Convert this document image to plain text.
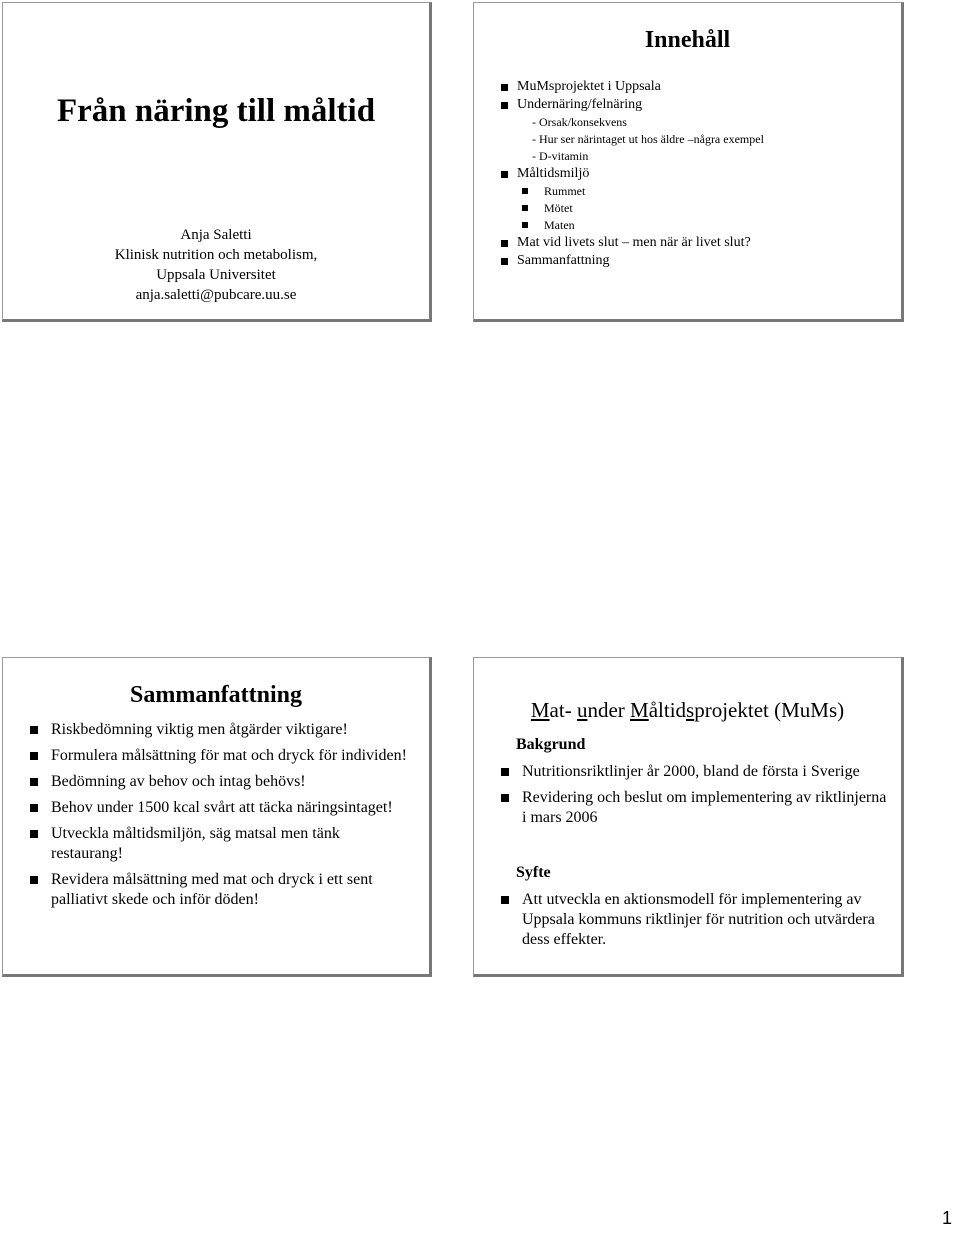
Från näring till måltid
Anja Saletti
Klinisk nutrition och metabolism,
Uppsala Universitet
anja.saletti@pubcare.uu.se
Innehåll
MuMsprojektet i Uppsala
Undernäring/felnäring
- Orsak/konsekvens
- Hur ser närintaget ut hos äldre –några exempel
- D-vitamin
Måltidsmiljö
Rummet
Mötet
Maten
Mat vid livets slut – men när är livet slut?
Sammanfattning
Sammanfattning
Riskbedömning viktig men åtgärder viktigare!
Formulera målsättning för mat och dryck för individen!
Bedömning av behov och intag behövs!
Behov under 1500 kcal svårt att täcka näringsintaget!
Utveckla måltidsmiljön, säg matsal men tänk restaurang!
Revidera målsättning med mat och dryck i ett sent palliativt skede och inför döden!
Mat- under Måltidsprojektet (MuMs)
Bakgrund
Nutritionsriktlinjer år 2000, bland de första i Sverige
Revidering och beslut om implementering av riktlinjerna i mars 2006
Syfte
Att utveckla en aktionsmodell för implementering av Uppsala kommuns riktlinjer för nutrition och utvärdera dess effekter.
1
